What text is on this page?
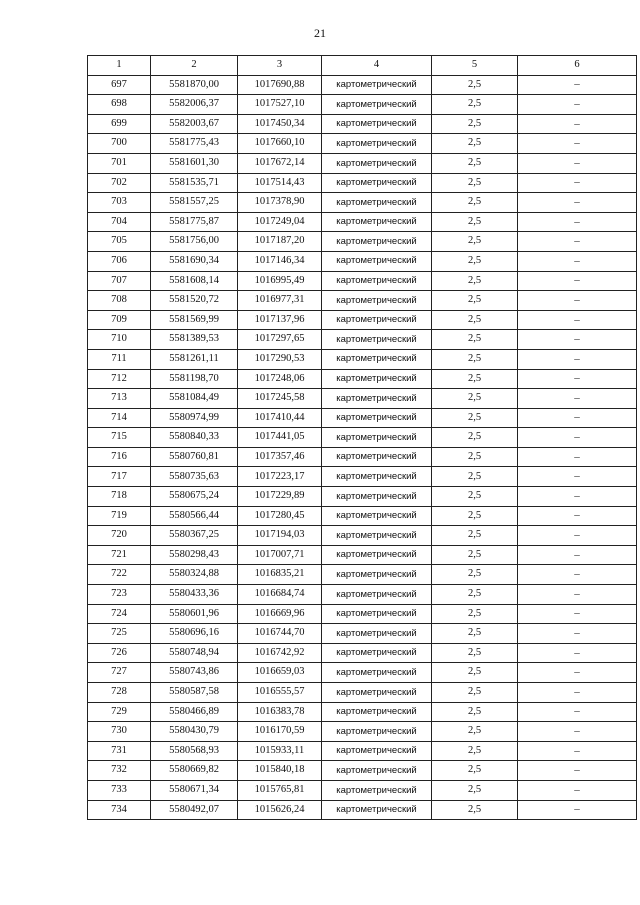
21
1	2	3	4	5	6
697	5581870,00	1017690,88	картометрический	2,5	–
698	5582006,37	1017527,10	картометрический	2,5	–
699	5582003,67	1017450,34	картометрический	2,5	–
700	5581775,43	1017660,10	картометрический	2,5	–
701	5581601,30	1017672,14	картометрический	2,5	–
702	5581535,71	1017514,43	картометрический	2,5	–
703	5581557,25	1017378,90	картометрический	2,5	–
704	5581775,87	1017249,04	картометрический	2,5	–
705	5581756,00	1017187,20	картометрический	2,5	–
706	5581690,34	1017146,34	картометрический	2,5	–
707	5581608,14	1016995,49	картометрический	2,5	–
708	5581520,72	1016977,31	картометрический	2,5	–
709	5581569,99	1017137,96	картометрический	2,5	–
710	5581389,53	1017297,65	картометрический	2,5	–
711	5581261,11	1017290,53	картометрический	2,5	–
712	5581198,70	1017248,06	картометрический	2,5	–
713	5581084,49	1017245,58	картометрический	2,5	–
714	5580974,99	1017410,44	картометрический	2,5	–
715	5580840,33	1017441,05	картометрический	2,5	–
716	5580760,81	1017357,46	картометрический	2,5	–
717	5580735,63	1017223,17	картометрический	2,5	–
718	5580675,24	1017229,89	картометрический	2,5	–
719	5580566,44	1017280,45	картометрический	2,5	–
720	5580367,25	1017194,03	картометрический	2,5	–
721	5580298,43	1017007,71	картометрический	2,5	–
722	5580324,88	1016835,21	картометрический	2,5	–
723	5580433,36	1016684,74	картометрический	2,5	–
724	5580601,96	1016669,96	картометрический	2,5	–
725	5580696,16	1016744,70	картометрический	2,5	–
726	5580748,94	1016742,92	картометрический	2,5	–
727	5580743,86	1016659,03	картометрический	2,5	–
728	5580587,58	1016555,57	картометрический	2,5	–
729	5580466,89	1016383,78	картометрический	2,5	–
730	5580430,79	1016170,59	картометрический	2,5	–
731	5580568,93	1015933,11	картометрический	2,5	–
732	5580669,82	1015840,18	картометрический	2,5	–
733	5580671,34	1015765,81	картометрический	2,5	–
734	5580492,07	1015626,24	картометрический	2,5	–
